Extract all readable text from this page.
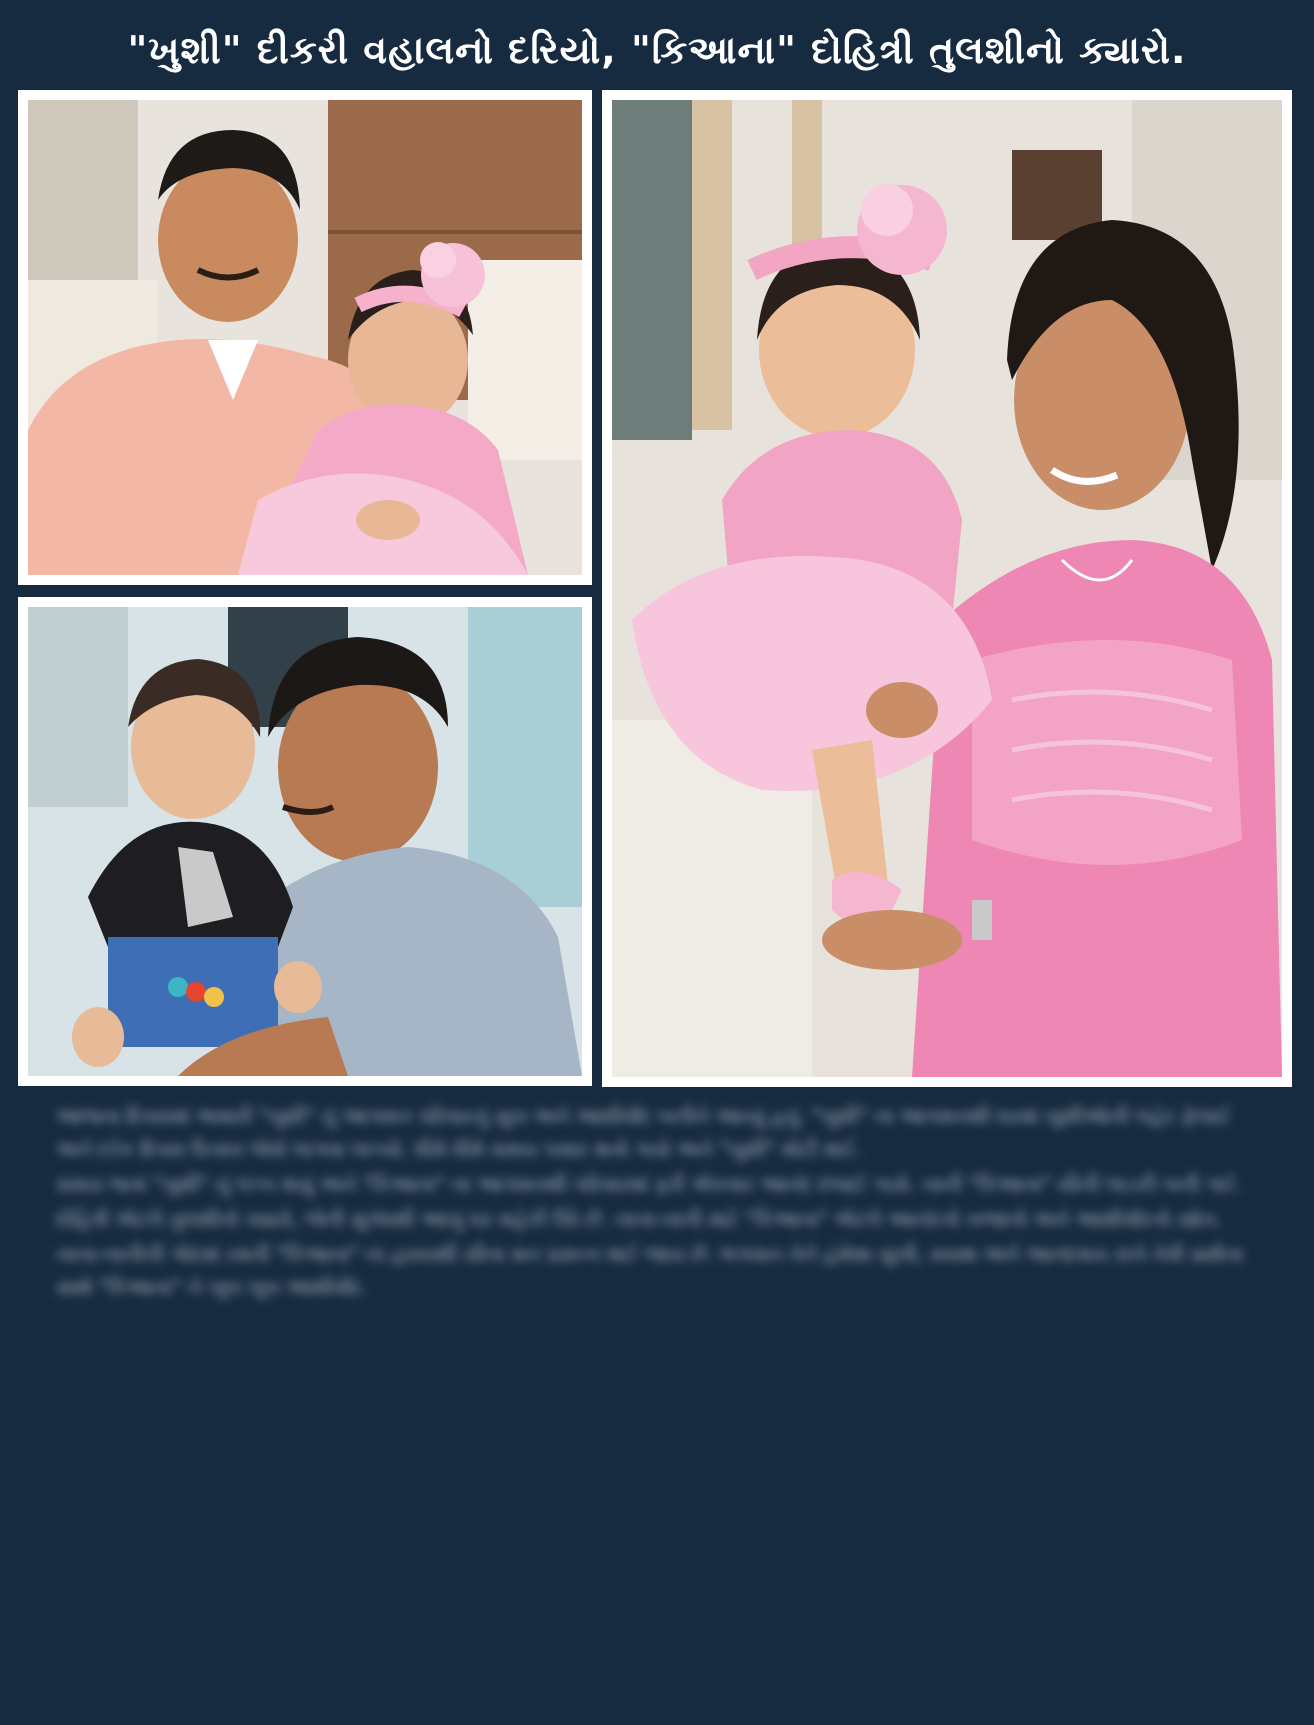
"ખુશી" દીકરી વહાલનો દરિયો, "કિઆના" દોહિત્રી તુલશીનો ક્યારો.

આજના દિવસમાં અમારી "ખુશી" નું આગમન પરિવારનું સુખ અને આશીર્વાદ બનીને આવ્યું હતું. "ખુશી" ના આગમનથી ઘરમાં ખુશીઓની લહેર ફેલાઈ અને દરેક દિવસ ઉત્સવ જેવો લાગવા લાગ્યો. ધીમે ધીમે સમય પસાર થતો ગયો અને "ખુશી" મોટી થઈ.

સમય જતાં "ખુશી" નું લગ્ન થયું અને "કિઆના" ના આગમનથી પરિવારમાં ફરી એકવાર આનંદ છવાઈ ગયો. નાની "કિઆના" સૌની લાડકી બની ગઈ.

દોહિત્રી એટલે તુલશીનો ક્યારો, જેની સુગંધથી આખું ઘર મહેકી ઉઠે છે. નાના-નાની માટે "કિઆના" એટલે આનંદનો ખજાનો અને આશીર્વાદનો સ્ત્રોત.

નાના-નાનીની ગોદમાં રમતી "કિઆના" ના હાસ્યથી સૌના મન પ્રસન્ન થઈ જાય છે. ભગવાન તેને હંમેશા સુખી, સ્વસ્થ અને આનંદમય રાખે તેવી પ્રાર્થના સાથે "કિઆના" ને ખૂબ ખૂબ આશીર્વાદ.
